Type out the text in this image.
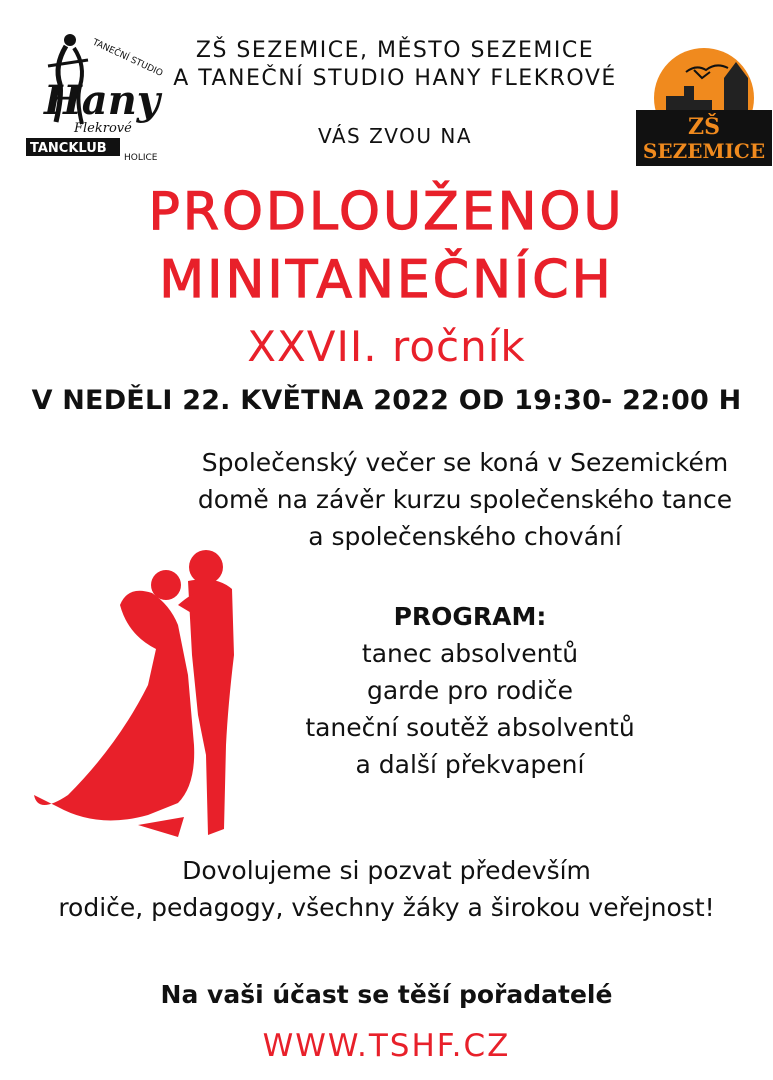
Hany
Flekrové
TANCKLUB
HOLICE
TANEČNÍ STUDIO
ZŠ
SEZEMICE
ZŠ SEZEMICE, MĚSTO SEZEMICE
A TANEČNÍ STUDIO HANY FLEKROVÉ
VÁS ZVOU NA
PRODLOUŽENOU
MINITANEČNÍCH
XXVII. ročník
V NEDĚLI 22. KVĚTNA 2022 OD 19:30- 22:00 H
Společenský večer se koná v Sezemickém
domě na závěr kurzu společenského tance
a společenského chování
PROGRAM:
tanec absolventů
garde pro rodiče
taneční soutěž absolventů
a další překvapení
Dovolujeme si pozvat především
rodiče, pedagogy, všechny žáky a širokou veřejnost!
Na vaši účast se těší pořadatelé
WWW.TSHF.CZ
